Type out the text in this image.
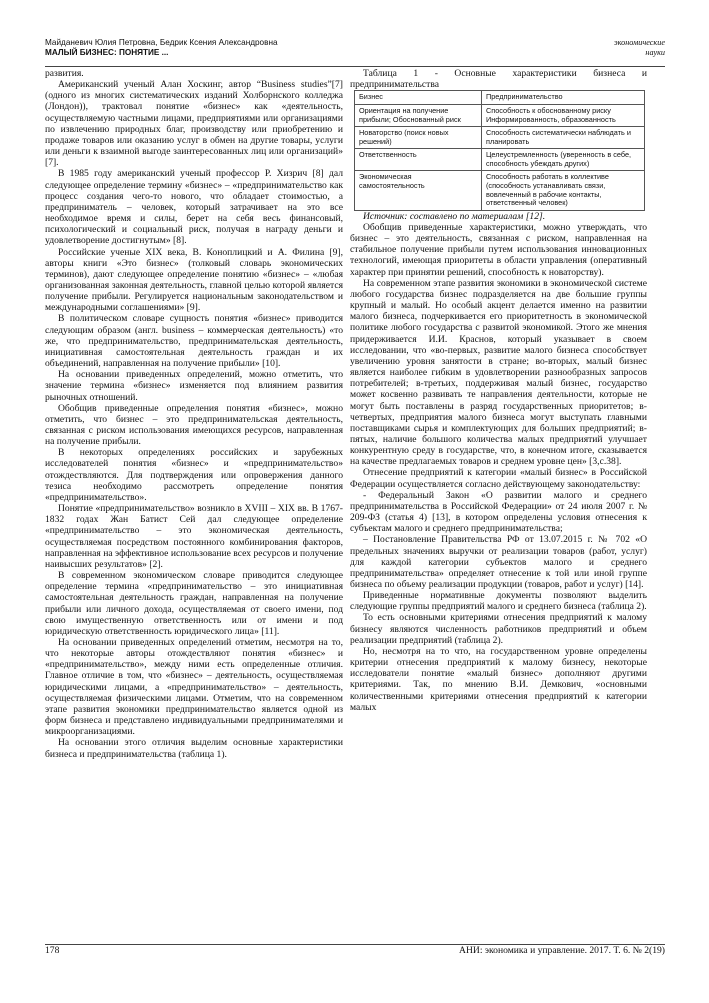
Майданевич Юлия Петровна, Бедрик Ксения Александровна
МАЛЫЙ БИЗНЕС: ПОНЯТИЕ ...
экономические
науки

развития.

Американский ученый Алан Хоскинг, автор “Business studies”[7] (одного из многих систематических изданий Холборнского колледжа (Лондон)), трактовал понятие «бизнес» как «деятельность, осуществляемую частными лицами, предприятиями или организациями по извлечению природных благ, производству или приобретению и продаже товаров или оказанию услуг в обмен на другие товары, услуги или деньги к взаимной выгоде заинтересованных лиц или организаций» [7].

В 1985 году американский ученый профессор Р. Хизрич [8] дал следующее определение термину «бизнес» – «предпринимательство как процесс создания чего-то нового, что обладает стоимостью, а предприниматель – человек, который затрачивает на это все необходимое время и силы, берет на себя весь финансовый, психологический и социальный риск, получая в награду деньги и удовлетворение достигнутым» [8].

Российские ученые XIX века, В. Коноплицкий и А. Филина [9], авторы книги «Это бизнес» (толковый словарь экономических терминов), дают следующее определение понятию «бизнес» – «любая организованная законная деятельность, главной целью которой является получение прибыли. Регулируется национальным законодательством и международными соглашениями» [9].

В политическом словаре сущность понятия «бизнес» приводится следующим образом (англ. business – коммерческая деятельность) «то же, что предпринимательство, предпринимательская деятельность, инициативная самостоятельная деятельность граждан и их объединений, направленная на получение прибыли» [10].

На основании приведенных определений, можно отметить, что значение термина «бизнес» изменяется под влиянием развития рыночных отношений.

Обобщив приведенные определения понятия «бизнес», можно отметить, что бизнес – это предпринимательская деятельность, связанная с риском использования имеющихся ресурсов, направленная на получение прибыли.

В некоторых определениях российских и зарубежных исследователей понятия «бизнес» и «предпринимательство» отождествляются. Для подтверждения или опровержения данного тезиса необходимо рассмотреть определение понятия «предпринимательство».

Понятие «предпринимательство» возникло в XVIII – XIX вв. В 1767-1832 годах Жан Батист Сей дал следующее определение «предпринимательство – это экономическая деятельность, осуществляемая посредством постоянного комбинирования факторов, направленная на эффективное использование всех ресурсов и получение наивысших результатов» [2].

В современном экономическом словаре приводится следующее определение термина «предпринимательство – это инициативная самостоятельная деятельность граждан, направленная на получение прибыли или личного дохода, осуществляемая от своего имени, под свою имущественную ответственность или от имени и под юридическую ответственность юридического лица» [11].

На основании приведенных определений отметим, несмотря на то, что некоторые авторы отождествляют понятия «бизнес» и «предпринимательство», между ними есть определенные отличия. Главное отличие в том, что «бизнес» – деятельность, осуществляемая юридическими лицами, а «предпринимательство» – деятельность, осуществляемая физическими лицами. Отметим, что на современном этапе развития экономики предпринимательство является одной из форм бизнеса и представлено индивидуальными предпринимателями и микроорганизациями.

На основании этого отличия выделим основные характеристики бизнеса и предпринимательства (таблица 1).

Таблица 1 - Основные характеристики бизнеса и предпринимательства

Бизнес	Предпринимательство
Ориентация на получение прибыли; Обоснованный риск	Способность к обоснованному риску Информированность, образованность
Новаторство (поиск новых решений)	Способность систематически наблюдать и планировать
Ответственность	Целеустремленность (уверенность в себе, способность убеждать других)
Экономическая самостоятельность	Способность работать в коллективе (способность устанавливать связи, вовлеченный в рабочие контакты, ответственный человек)

Источник: составлено по материалам [12].

Обобщив приведенные характеристики, можно утверждать, что бизнес – это деятельность, связанная с риском, направленная на стабильное получение прибыли путем использования инновационных технологий, имеющая приоритеты в области управления (оперативный характер при принятии решений, способность к новаторству).

На современном этапе развития экономики в экономической системе любого государства бизнес подразделяется на две большие группы крупный и малый. Но особый акцент делается именно на развитии малого бизнеса, подчеркивается его приоритетность в экономической политике любого государства с развитой экономикой. Этого же мнения придерживается И.И. Краснов, который указывает в своем исследовании, что «во-первых, развитие малого бизнеса способствует увеличению уровня занятости в стране; во-вторых, малый бизнес является наиболее гибким в удовлетворении разнообразных запросов потребителей; в-третьих, поддерживая малый бизнес, государство может косвенно развивать те направления деятельности, которые не могут быть поставлены в разряд государственных приоритетов; в-четвертых, предприятия малого бизнеса могут выступать главными поставщиками сырья и комплектующих для больших предприятий; в-пятых, наличие большого количества малых предприятий улучшает конкурентную среду в государстве, что, в конечном итоге, сказывается на качестве предлагаемых товаров и среднем уровне цен» [3,с.38].

Отнесение предприятий к категории «малый бизнес» в Российской Федерации осуществляется согласно действующему законодательству:

- Федеральный Закон «О развитии малого и среднего предпринимательства в Российской Федерации» от 24 июля 2007 г. № 209-ФЗ (статья 4) [13], в котором определены условия отнесения к субъектам малого и среднего предпринимательства;

– Постановление Правительства РФ от 13.07.2015 г. № 702 «О предельных значениях выручки от реализации товаров (работ, услуг) для каждой категории субъектов малого и среднего предпринимательства» определяет отнесение к той или иной группе бизнеса по объему реализации продукции (товаров, работ и услуг) [14].

Приведенные нормативные документы позволяют выделить следующие группы предприятий малого и среднего бизнеса (таблица 2).

То есть основными критериями отнесения предприятий к малому бизнесу являются численность работников предприятий и объем реализации предприятий (таблица 2).

Но, несмотря на то что, на государственном уровне определены критерии отнесения предприятий к малому бизнесу, некоторые исследователи понятие «малый бизнес» дополняют другими критериями. Так, по мнению В.И. Демкович, «основными количественными критериями отнесения предприятий к категории малых

178	АНИ: экономика и управление. 2017. Т. 6. № 2(19)
